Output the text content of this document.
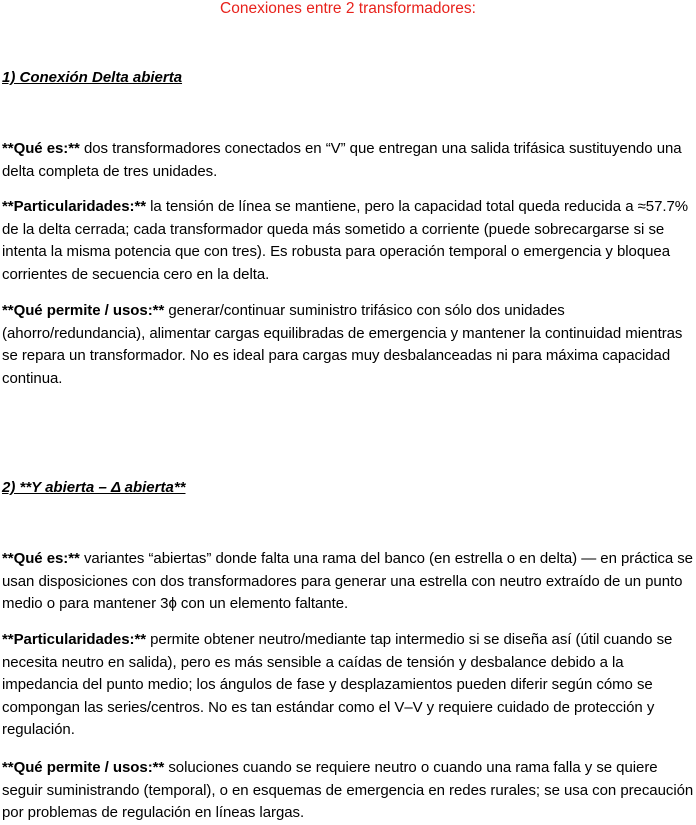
Conexiones entre 2 transformadores:
1) Conexión Delta abierta

**Qué es:** dos transformadores conectados en “V” que entregan una salida trifásica sustituyendo una delta completa de tres unidades.

**Particularidades:** la tensión de línea se mantiene, pero la capacidad total queda reducida a ≈57.7% de la delta cerrada; cada transformador queda más sometido a corriente (puede sobrecargarse si se intenta la misma potencia que con tres). Es robusta para operación temporal o emergencia y bloquea corrientes de secuencia cero en la delta.

**Qué permite / usos:** generar/continuar suministro trifásico con sólo dos unidades (ahorro/redundancia), alimentar cargas equilibradas de emergencia y mantener la continuidad mientras se repara un transformador. No es ideal para cargas muy desbalanceadas ni para máxima capacidad continua.

2) **Y abierta – Δ abierta**

**Qué es:** variantes “abiertas” donde falta una rama del banco (en estrella o en delta) — en práctica se usan disposiciones con dos transformadores para generar una estrella con neutro extraído de un punto medio o para mantener 3ϕ con un elemento faltante.

**Particularidades:** permite obtener neutro/mediante tap intermedio si se diseña así (útil cuando se necesita neutro en salida), pero es más sensible a caídas de tensión y desbalance debido a la impedancia del punto medio; los ángulos de fase y desplazamientos pueden diferir según cómo se compongan las series/centros. No es tan estándar como el V–V y requiere cuidado de protección y regulación.

**Qué permite / usos:** soluciones cuando se requiere neutro o cuando una rama falla y se quiere seguir suministrando (temporal), o en esquemas de emergencia en redes rurales; se usa con precaución por problemas de regulación en líneas largas.
